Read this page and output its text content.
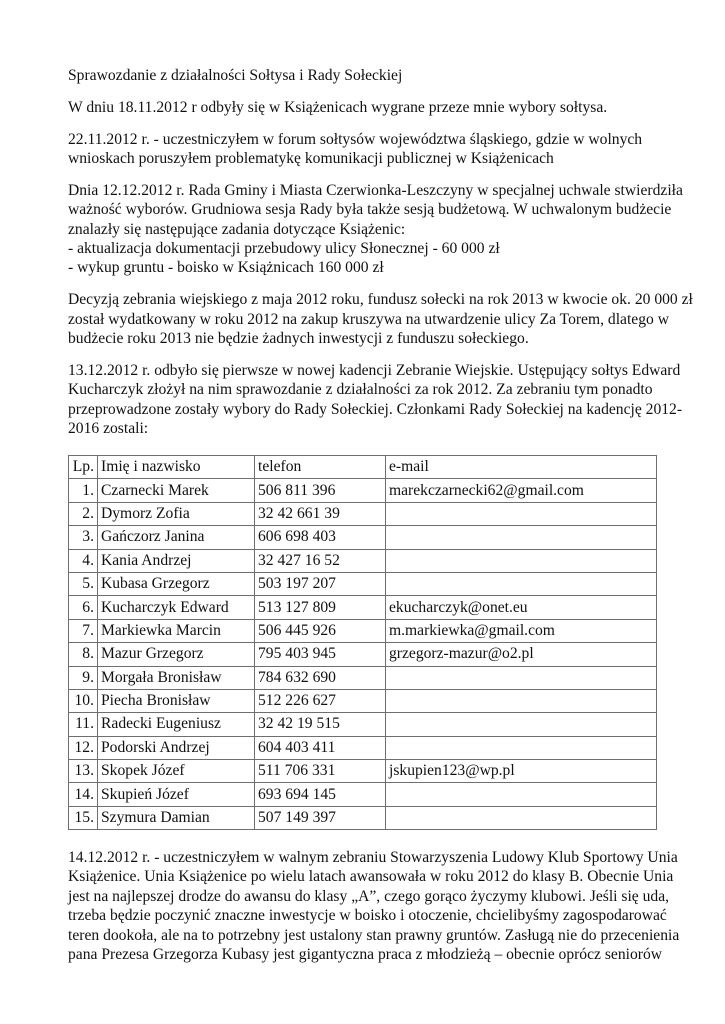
Sprawozdanie z działalności Sołtysa i Rady Sołeckiej

W dniu 18.11.2012 r odbyły się w Książenicach wygrane przeze mnie wybory sołtysa.

22.11.2012 r. - uczestniczyłem w forum sołtysów województwa śląskiego, gdzie w wolnych
wnioskach poruszyłem problematykę komunikacji publicznej w Książenicach

Dnia 12.12.2012 r. Rada Gminy i Miasta Czerwionka-Leszczyny w specjalnej uchwale stwierdziła
ważność wyborów. Grudniowa sesja Rady była także sesją budżetową. W uchwalonym budżecie
znalazły się następujące zadania dotyczące Książenic:
- aktualizacja dokumentacji przebudowy ulicy Słonecznej - 60 000 zł
- wykup gruntu - boisko w Książnicach 160 000 zł

Decyzją zebrania wiejskiego z maja 2012 roku, fundusz sołecki na rok 2013 w kwocie ok. 20 000 zł
został wydatkowany w roku 2012 na zakup kruszywa na utwardzenie ulicy Za Torem, dlatego w
budżecie roku 2013 nie będzie żadnych inwestycji z funduszu sołeckiego.

13.12.2012 r. odbyło się pierwsze w nowej kadencji Zebranie Wiejskie. Ustępujący sołtys Edward
Kucharczyk złożył na nim sprawozdanie z działalności za rok 2012. Za zebraniu tym ponadto
przeprowadzone zostały wybory do Rady Sołeckiej. Członkami Rady Sołeckiej na kadencję 2012-
2016 zostali:

Lp.	Imię i nazwisko	telefon	e-mail
1.	Czarnecki Marek	506 811 396	marekczarnecki62@gmail.com
2.	Dymorz Zofia	32 42 661 39	
3.	Gańczorz Janina	606 698 403	
4.	Kania Andrzej	32 427 16 52	
5.	Kubasa Grzegorz	503 197 207	
6.	Kucharczyk Edward	513 127 809	ekucharczyk@onet.eu
7.	Markiewka Marcin	506 445 926	m.markiewka@gmail.com
8.	Mazur Grzegorz	795 403 945	grzegorz-mazur@o2.pl
9.	Morgała Bronisław	784 632 690	
10.	Piecha Bronisław	512 226 627	
11.	Radecki Eugeniusz	32 42 19 515	
12.	Podorski Andrzej	604 403 411	
13.	Skopek Józef	511 706 331	jskupien123@wp.pl
14.	Skupień Józef	693 694 145	
15.	Szymura Damian	507 149 397	

14.12.2012 r. - uczestniczyłem w walnym zebraniu Stowarzyszenia Ludowy Klub Sportowy Unia
Książenice. Unia Książenice po wielu latach awansowała w roku 2012 do klasy B. Obecnie Unia
jest na najlepszej drodze do awansu do klasy „A”, czego gorąco życzymy klubowi. Jeśli się uda,
trzeba będzie poczynić znaczne inwestycje w boisko i otoczenie, chcielibyśmy zagospodarować
teren dookoła, ale na to potrzebny jest ustalony stan prawny gruntów. Zasługą nie do przecenienia
pana Prezesa Grzegorza Kubasy jest gigantyczna praca z młodzieżą – obecnie oprócz seniorów
